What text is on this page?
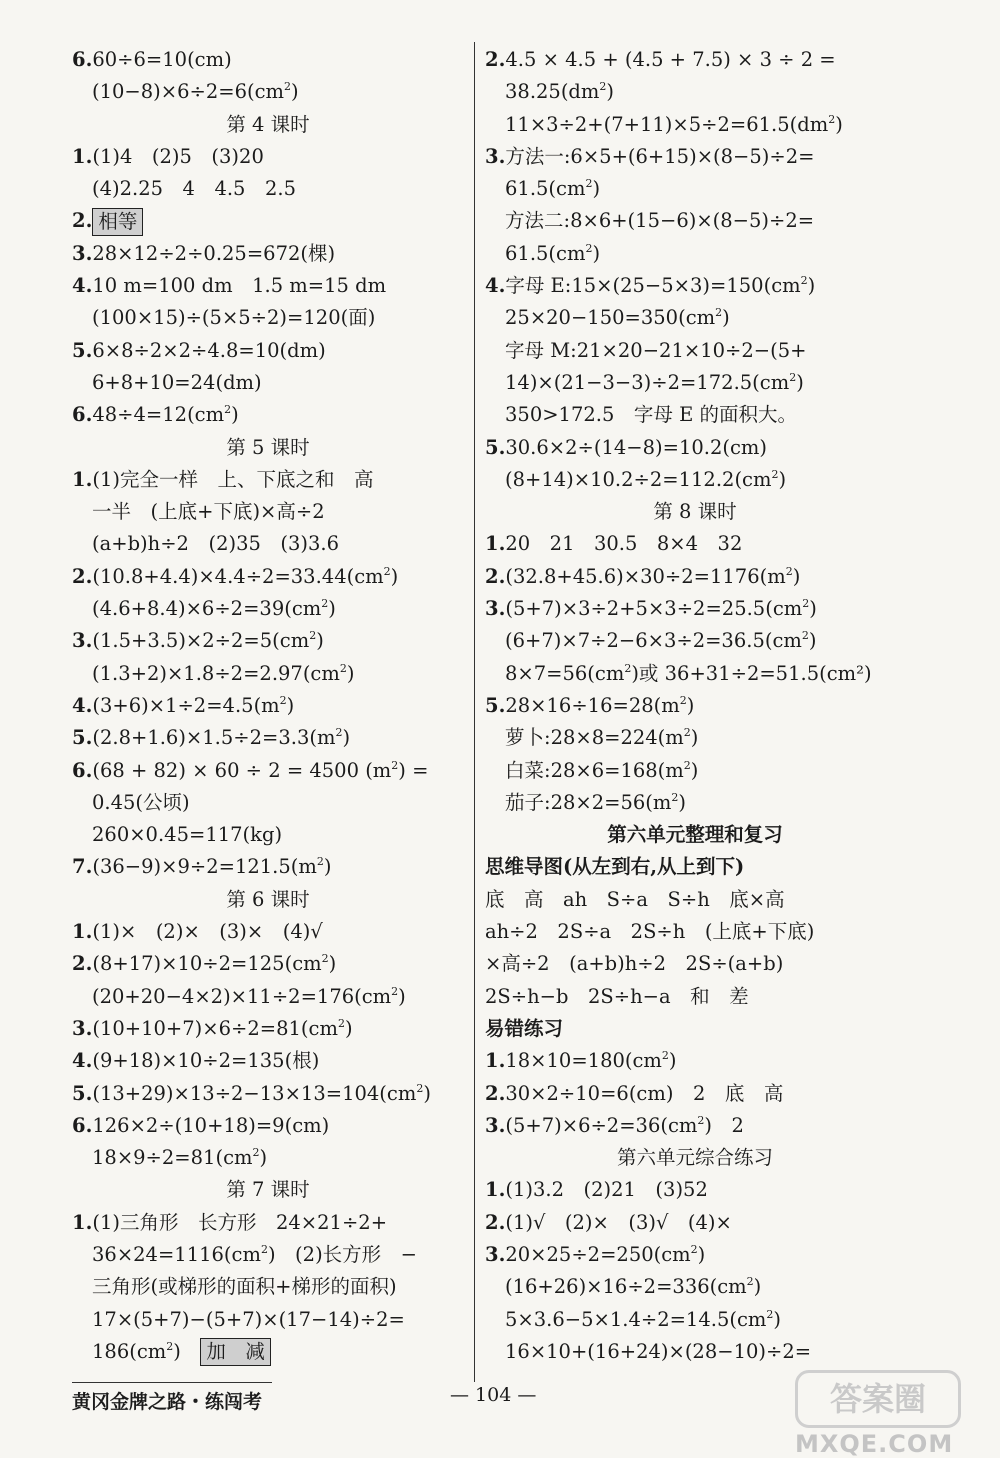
6.60÷6=10(cm)
$(10-8)\times 6\div 2=6(cm^2)$
第 4 课时
1.(1)4　(2)5　(3)20
(4)2.25　4　4.5　2.5
2. 相等
3.28×12÷2÷0.25=672(棵)
4.10 m=100 dm　1.5 m=15 dm
(100×15)÷(5×5÷2)=120(面)
5.6×8÷2×2÷4.8=10(dm)
6+8+10=24(dm)
$6.48\div 4=12(cm^2)$
第 5 课时
1.(1)完全一样　上、下底之和　高
一半　(上底+下底)×高÷2
(a+b)h÷2　(2)35　(3)3.6
$2.(10.8+4.4)\times 4.4\div 2=33.44(cm^2)$
$(4.6+8.4)\times 6\div 2=39(cm^2)$
$3.(1.5+3.5)\times 2\div 2=5(cm^2)$
$(1.3+2)\times 1.8\div 2=2.97(cm^2)$
$4.(3+6)\times 1\div 2=4.5(m^2)$
$5.(2.8+1.6)\times 1.5\div 2=3.3(m^2)$
6.(68 + 82) × 60 ÷ 2 = 4500 $(m^2)$ =
0.45(公顷)
260×0.45=117(kg)
$7.(36-9)\times 9\div 2=121.5(m^2)$
第 6 课时
1.(1)×　(2)×　(3)×　(4)√
$2.(8+17)\times 10\div 2=125(cm^2)$
$(20+20-4\times 2)\times 11\div 2=176(cm^2)$
$3.(10+10+7)\times 6\div 2=81(cm^2)$
4.(9+18)×10÷2=135(根)
$5.(13+29)\times 13\div 2-13\times 13=104(cm^2)$
6.126×2÷(10+18)=9(cm)
$18\times 9\div 2=81(cm^2)$
第 7 课时
1.(1)三角形　长方形　24×21÷2+
$36\times 24=1116(cm^2)$　(2)长方形　−
三角形(或梯形的面积+梯形的面积)
17×(5+7)−(5+7)×(17−14)÷2=
$186(cm^2)$　加　减
2.4.5 × 4.5 + (4.5 + 7.5) × 3 ÷ 2 =
$38.25(dm^2)$
$11\times 3\div 2+(7+11)\times 5\div 2=61.5(dm^2)$
3.方法一:6×5+(6+15)×(8−5)÷2=
$61.5(cm^2)$
方法二:8×6+(15−6)×(8−5)÷2=
$61.5(cm^2)$
4.字母 $E:15\times(25-5\times 3)=150(cm^2)$
$25\times 20-150=350(cm^2)$
字母 M:21×20−21×10÷2−(5+
$14)\times(21-3-3)\div 2=172.5(cm^2)$
350>172.5　字母 E 的面积大。
5.30.6×2÷(14−8)=10.2(cm)
$(8+14)\times 10.2\div 2=112.2(cm^2)$
第 8 课时
1.20　21　30.5　8×4　32
$2.(32.8+45.6)\times 30\div 2=1176(m^2)$
$3.(5+7)\times 3\div 2+5\times 3\div 2=25.5(cm^2)$
$(6+7)\times 7\div 2-6\times 3\div 2=36.5(cm^2)$
$8\times 7=56(cm^2)$或 36+31÷2=51.5(cm²)
$5.28\times 16\div 16=28(m^2)$
萝卜$:28\times 8=224(m^2)$
白菜$:28\times 6=168(m^2)$
茄子$:28\times 2=56(m^2)$
第六单元整理和复习
思维导图(从左到右,从上到下)
底　高　ah　S÷a　S÷h　底×高
ah÷2　2S÷a　2S÷h　(上底+下底)
×高÷2　(a+b)h÷2　2S÷(a+b)
2S÷h−b　2S÷h−a　和　差
易错练习
$1.18\times 10=180(cm^2)$
2.30×2÷10=6(cm)　2　底　高
$3.(5+7)\times 6\div 2=36(cm^2)$　2
第六单元综合练习
1.(1)3.2　(2)21　(3)52
2.(1)√　(2)×　(3)√　(4)×
$3.20\times 25\div 2=250(cm^2)$
$(16+26)\times 16\div 2=336(cm^2)$
$5\times 3.6-5\times 1.4\div 2=14.5(cm^2)$
16×10+(16+24)×(28−10)÷2=
黄冈金牌之路・练闯考	— 104 —	答案圈
MXQE.COM
